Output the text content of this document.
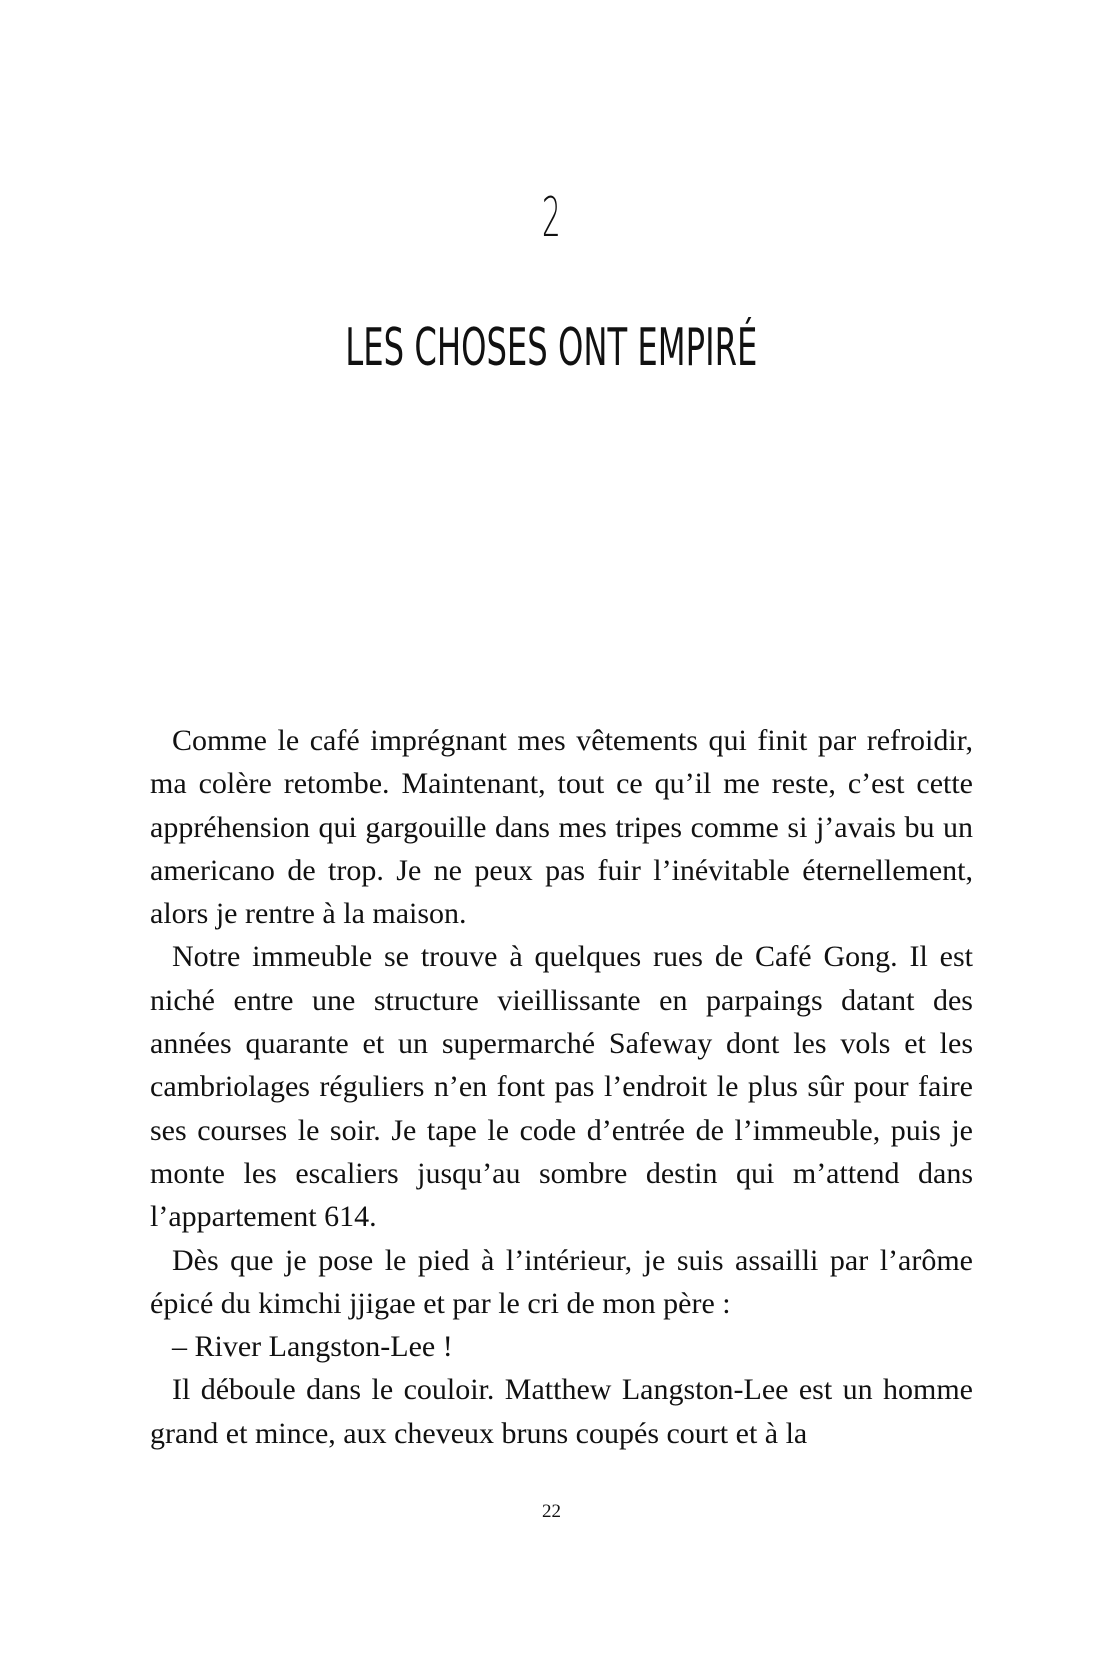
2
LES CHOSES ONT EMPIRÉ

Comme le café imprégnant mes vêtements qui finit par refroidir, ma colère retombe. Maintenant, tout ce qu’il me reste, c’est cette appréhension qui gargouille dans mes tripes comme si j’avais bu un americano de trop. Je ne peux pas fuir l’inévitable éternellement, alors je rentre à la maison.

Notre immeuble se trouve à quelques rues de Café Gong. Il est niché entre une structure vieillissante en parpaings datant des années quarante et un supermarché Safeway dont les vols et les cambriolages réguliers n’en font pas l’endroit le plus sûr pour faire ses courses le soir. Je tape le code d’entrée de l’immeuble, puis je monte les escaliers jusqu’au sombre destin qui m’attend dans l’appartement 614.

Dès que je pose le pied à l’intérieur, je suis assailli par l’arôme épicé du kimchi jjigae et par le cri de mon père :

– River Langston-Lee !

Il déboule dans le couloir. Matthew Langston-Lee est un homme grand et mince, aux cheveux bruns coupés court et à la

22
